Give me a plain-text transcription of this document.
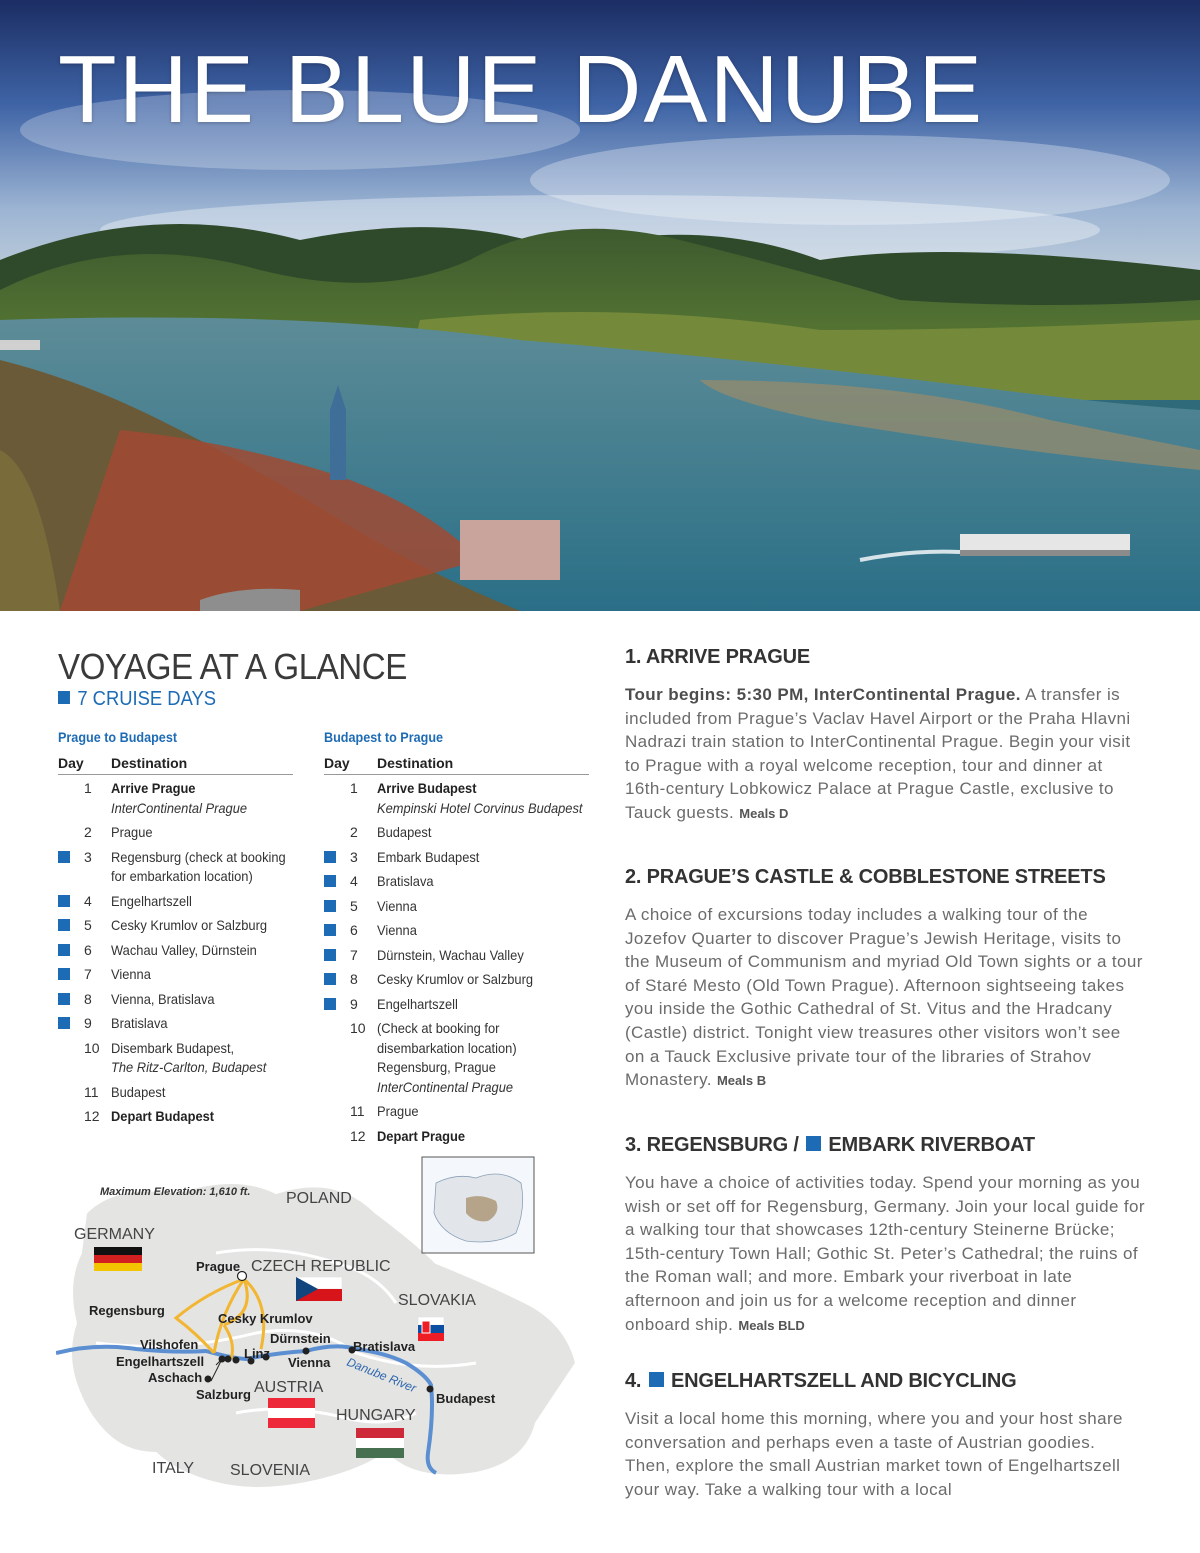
THE BLUE DANUBE
VOYAGE AT A GLANCE
7 CRUISE DAYS
Prague to Budapest
Day	Destination
1	Arrive Prague
InterContinental Prague
2	Prague

3	Regensburg (check at booking
for embarkation location)

4	Engelhartszell

5	Cesky Krumlov or Salzburg

6	Wachau Valley, Dürnstein

7	Vienna

8	Vienna, Bratislava

9	Bratislava

10 Disembark Budapest,
The Ritz-Carlton, Budapest
11 Budapest

12 Depart Budapest

Budapest to Prague
Day	Destination
1	Arrive Budapest
Kempinski Hotel Corvinus Budapest
2	Budapest

3	Embark Budapest

4	Bratislava

5	Vienna

6	Vienna

7	Dürnstein, Wachau Valley

8	Cesky Krumlov or Salzburg

9	Engelhartszell

10 (Check at booking for
disembarkation location)
Regensburg, Prague
InterContinental Prague
11 Prague

12 Depart Prague

Maximum Elevation: 1,610 ft. POLAND
GERMANY
CZECH REPUBLIC
SLOVAKIA
AUSTRIA
HUNGARY
ITALY SLOVENIA
Prague
Regensburg
Cesky Krumlov
Vilshofen
Engelhartszell
Linz
Aschach
Salzburg
Dürnstein
Vienna
Bratislava
Budapest
Danube River
1. ARRIVE PRAGUE

Tour begins: 5:30 PM, InterContinental Prague. A transfer is included from Prague’s Vaclav Havel Airport or the Praha Hlavni Nadrazi train station to InterContinental Prague. Begin your visit to Prague with a royal welcome reception, tour and dinner at 16th-century Lobkowicz Palace at Prague Castle, exclusive to Tauck guests. Meals D

2. PRAGUE’S CASTLE & COBBLESTONE STREETS

A choice of excursions today includes a walking tour of the Jozefov Quarter to discover Prague’s Jewish Heritage, visits to the Museum of Communism and myriad Old Town sights or a tour of Staré Mesto (Old Town Prague). Afternoon sightseeing takes you inside the Gothic Cathedral of St. Vitus and the Hradcany (Castle) district. Tonight view treasures other visitors won’t see on a Tauck Exclusive private tour of the libraries of Strahov Monastery. Meals B

3. REGENSBURG /  EMBARK RIVERBOAT

You have a choice of activities today. Spend your morning as you wish or set off for Regensburg, Germany. Join your local guide for a walking tour that showcases 12th-century Steinerne Brücke; 15th-century Town Hall; Gothic St. Peter’s Cathedral; the ruins of the Roman wall; and more. Embark your riverboat in late afternoon and join us for a welcome reception and dinner onboard ship. Meals BLD

4.  ENGELHARTSZELL AND BICYCLING

Visit a local home this morning, where you and your host share conversation and perhaps even a taste of Austrian goodies. Then, explore the small Austrian market town of Engelhartszell your way. Take a walking tour with a local
